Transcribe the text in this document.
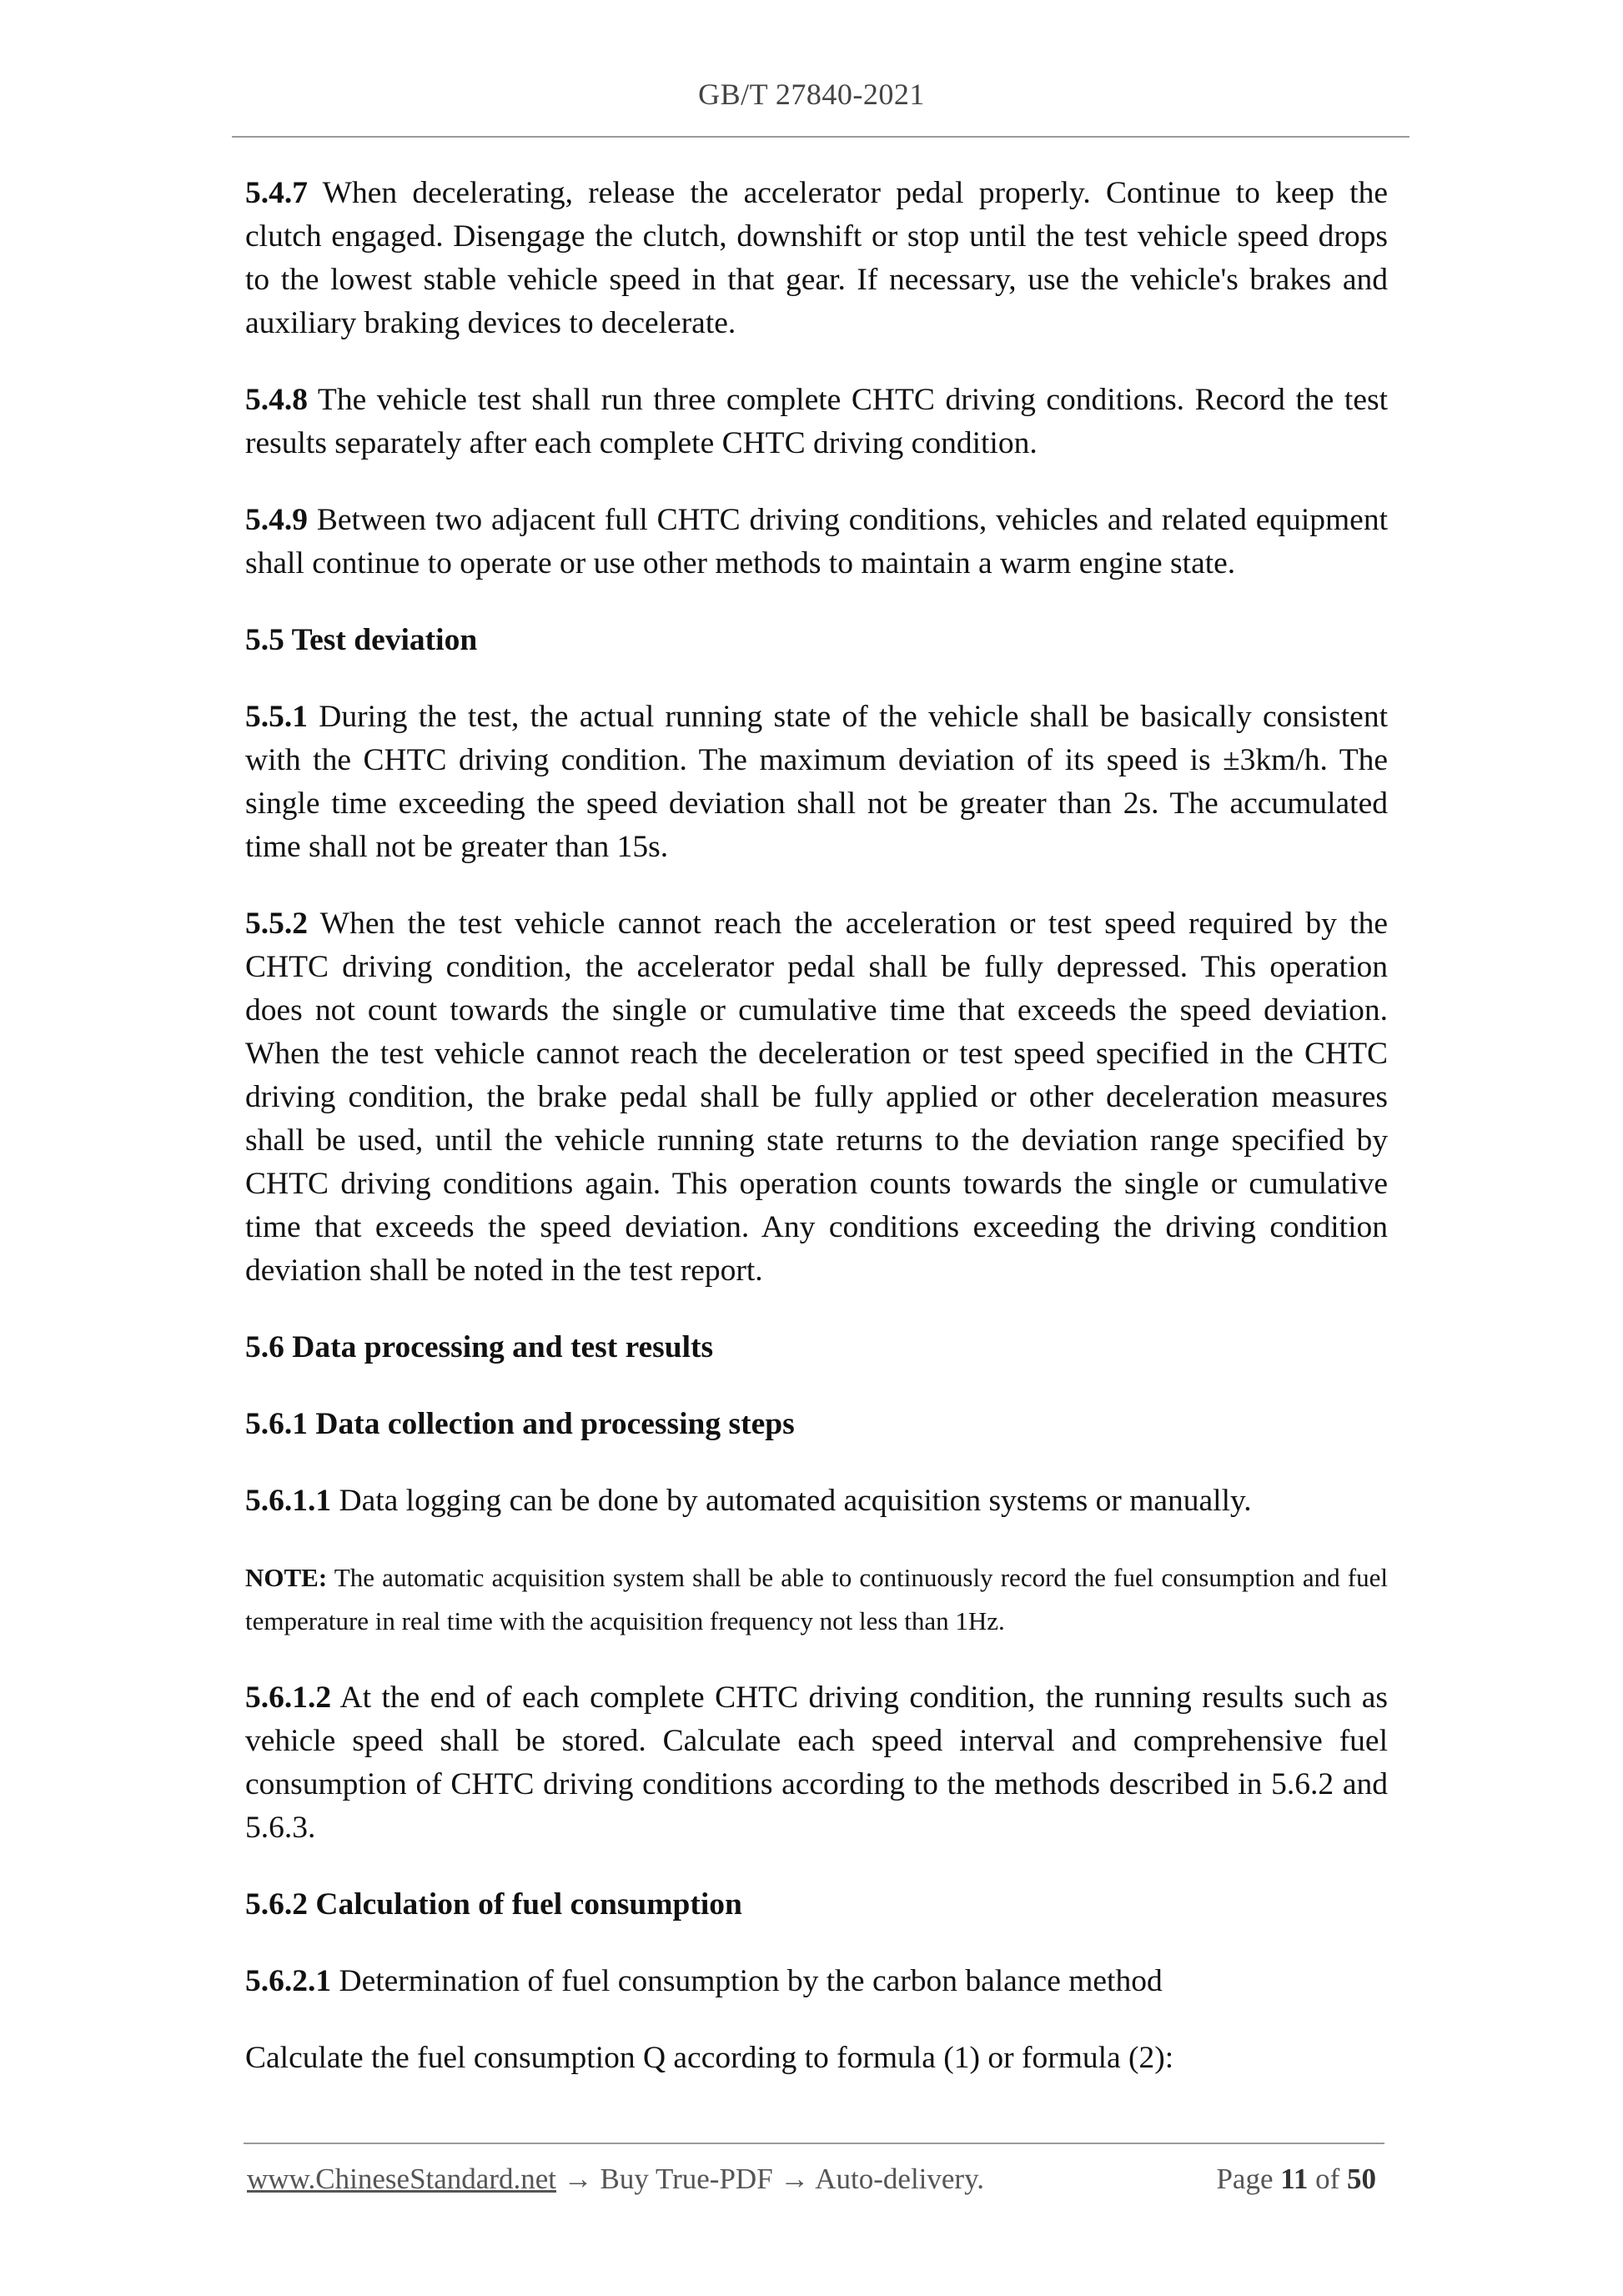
GB/T 27840-2021

5.4.7 When decelerating, release the accelerator pedal properly. Continue to keep the clutch engaged. Disengage the clutch, downshift or stop until the test vehicle speed drops to the lowest stable vehicle speed in that gear. If necessary, use the vehicle's brakes and auxiliary braking devices to decelerate.

5.4.8 The vehicle test shall run three complete CHTC driving conditions. Record the test results separately after each complete CHTC driving condition.

5.4.9 Between two adjacent full CHTC driving conditions, vehicles and related equipment shall continue to operate or use other methods to maintain a warm engine state.

5.5 Test deviation

5.5.1 During the test, the actual running state of the vehicle shall be basically consistent with the CHTC driving condition. The maximum deviation of its speed is ±3km/h. The single time exceeding the speed deviation shall not be greater than 2s. The accumulated time shall not be greater than 15s.

5.5.2 When the test vehicle cannot reach the acceleration or test speed required by the CHTC driving condition, the accelerator pedal shall be fully depressed. This operation does not count towards the single or cumulative time that exceeds the speed deviation. When the test vehicle cannot reach the deceleration or test speed specified in the CHTC driving condition, the brake pedal shall be fully applied or other deceleration measures shall be used, until the vehicle running state returns to the deviation range specified by CHTC driving conditions again. This operation counts towards the single or cumulative time that exceeds the speed deviation. Any conditions exceeding the driving condition deviation shall be noted in the test report.

5.6 Data processing and test results

5.6.1 Data collection and processing steps

5.6.1.1 Data logging can be done by automated acquisition systems or manually.

NOTE: The automatic acquisition system shall be able to continuously record the fuel consumption and fuel temperature in real time with the acquisition frequency not less than 1Hz.

5.6.1.2 At the end of each complete CHTC driving condition, the running results such as vehicle speed shall be stored. Calculate each speed interval and comprehensive fuel consumption of CHTC driving conditions according to the methods described in 5.6.2 and 5.6.3.

5.6.2 Calculation of fuel consumption

5.6.2.1 Determination of fuel consumption by the carbon balance method

Calculate the fuel consumption Q according to formula (1) or formula (2):

www.ChineseStandard.net → Buy True-PDF → Auto-delivery.	Page 11 of 50
